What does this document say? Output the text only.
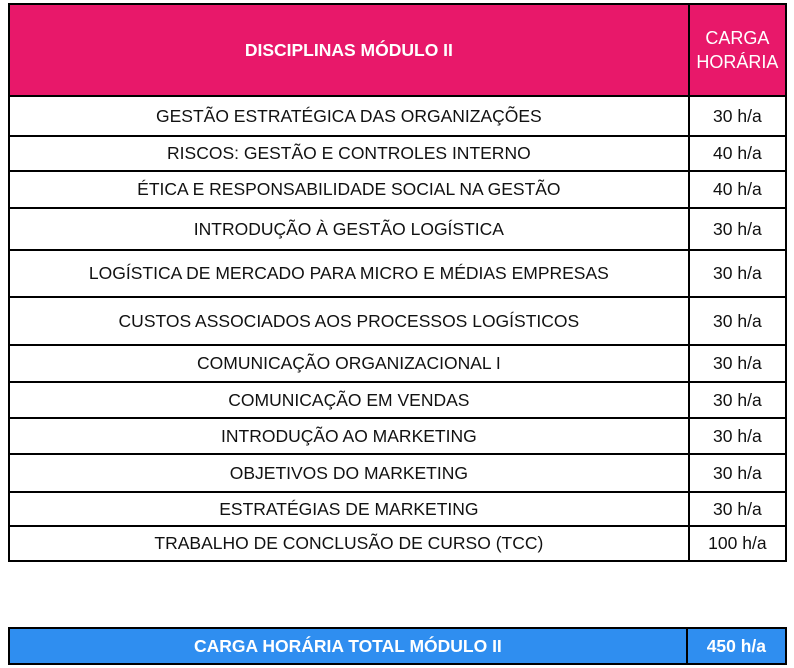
DISCIPLINAS MÓDULO II	CARGA
HORÁRIA
GESTÃO ESTRATÉGICA DAS ORGANIZAÇÕES	30 h/a
RISCOS: GESTÃO E CONTROLES INTERNO	40 h/a
ÉTICA E RESPONSABILIDADE SOCIAL NA GESTÃO	40 h/a
INTRODUÇÃO À GESTÃO LOGÍSTICA	30 h/a
LOGÍSTICA DE MERCADO PARA MICRO E MÉDIAS EMPRESAS	30 h/a
CUSTOS ASSOCIADOS AOS PROCESSOS LOGÍSTICOS	30 h/a
COMUNICAÇÃO ORGANIZACIONAL I	30 h/a
COMUNICAÇÃO EM VENDAS	30 h/a
INTRODUÇÃO AO MARKETING	30 h/a
OBJETIVOS DO MARKETING	30 h/a
ESTRATÉGIAS DE MARKETING	30 h/a
TRABALHO DE CONCLUSÃO DE CURSO (TCC)	100 h/a
CARGA HORÁRIA TOTAL MÓDULO II	450 h/a
